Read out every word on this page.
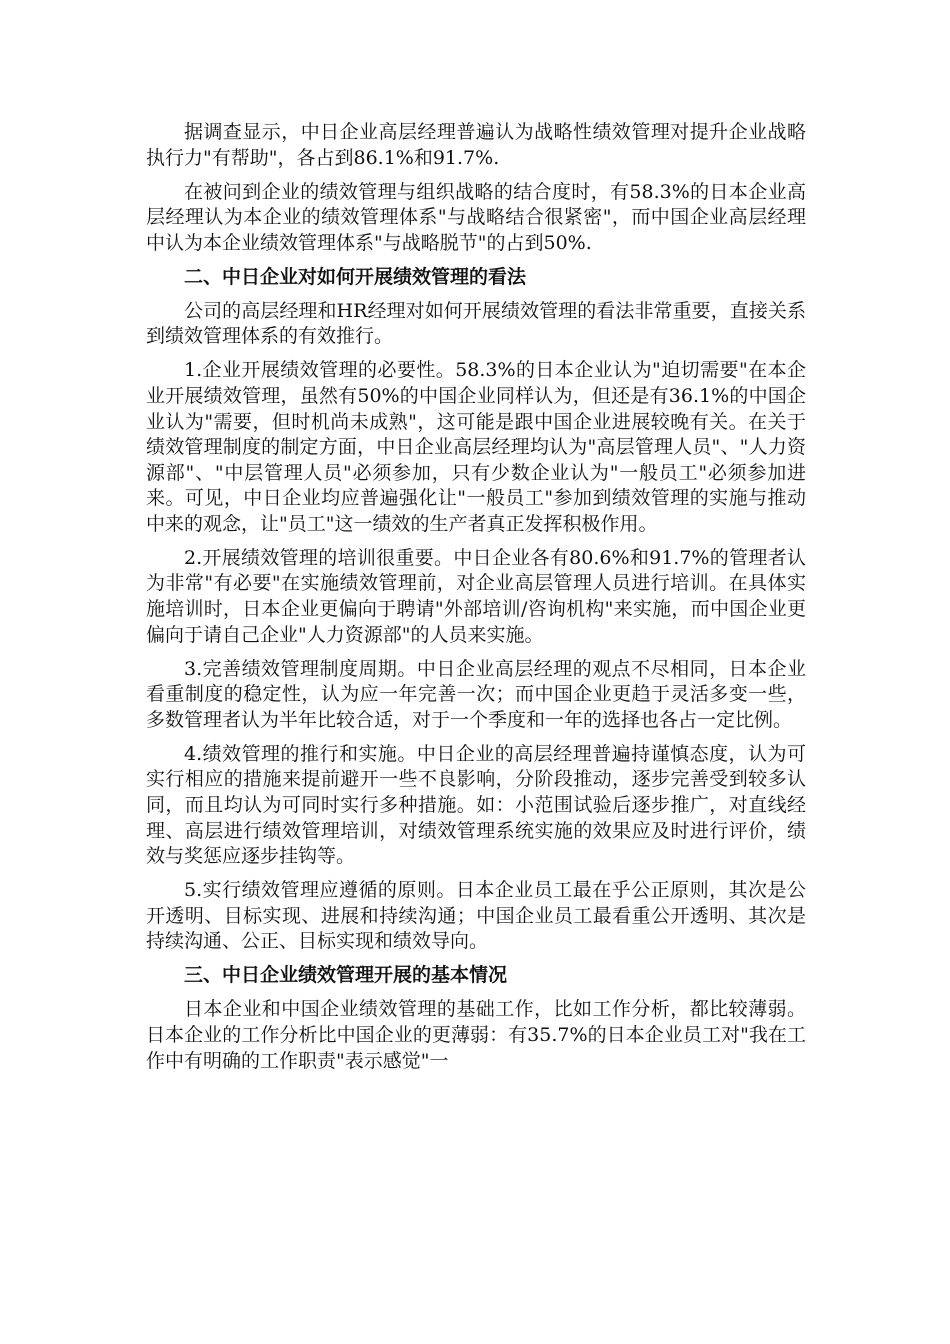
据调查显示，中日企业高层经理普遍认为战略性绩效管理对提升企业战略执行力"有帮助"，各占到86.1%和91.7%.

在被问到企业的绩效管理与组织战略的结合度时，有58.3%的日本企业高层经理认为本企业的绩效管理体系"与战略结合很紧密"，而中国企业高层经理中认为本企业绩效管理体系"与战略脱节"的占到50%.

二、中日企业对如何开展绩效管理的看法

公司的高层经理和HR经理对如何开展绩效管理的看法非常重要，直接关系到绩效管理体系的有效推行。

1.企业开展绩效管理的必要性。58.3%的日本企业认为"迫切需要"在本企业开展绩效管理，虽然有50%的中国企业同样认为，但还是有36.1%的中国企业认为"需要，但时机尚未成熟"，这可能是跟中国企业进展较晚有关。在关于绩效管理制度的制定方面，中日企业高层经理均认为"高层管理人员"、"人力资源部"、"中层管理人员"必须参加，只有少数企业认为"一般员工"必须参加进来。可见，中日企业均应普遍强化让"一般员工"参加到绩效管理的实施与推动中来的观念，让"员工"这一绩效的生产者真正发挥积极作用。

2.开展绩效管理的培训很重要。中日企业各有80.6%和91.7%的管理者认为非常"有必要"在实施绩效管理前，对企业高层管理人员进行培训。在具体实施培训时，日本企业更偏向于聘请"外部培训/咨询机构"来实施，而中国企业更偏向于请自己企业"人力资源部"的人员来实施。

3.完善绩效管理制度周期。中日企业高层经理的观点不尽相同，日本企业看重制度的稳定性，认为应一年完善一次；而中国企业更趋于灵活多变一些，多数管理者认为半年比较合适，对于一个季度和一年的选择也各占一定比例。

4.绩效管理的推行和实施。中日企业的高层经理普遍持谨慎态度，认为可实行相应的措施来提前避开一些不良影响，分阶段推动，逐步完善受到较多认同，而且均认为可同时实行多种措施。如：小范围试验后逐步推广，对直线经理、高层进行绩效管理培训，对绩效管理系统实施的效果应及时进行评价，绩效与奖惩应逐步挂钩等。

5.实行绩效管理应遵循的原则。日本企业员工最在乎公正原则，其次是公开透明、目标实现、进展和持续沟通；中国企业员工最看重公开透明、其次是持续沟通、公正、目标实现和绩效导向。

三、中日企业绩效管理开展的基本情况

日本企业和中国企业绩效管理的基础工作，比如工作分析，都比较薄弱。日本企业的工作分析比中国企业的更薄弱：有35.7%的日本企业员工对"我在工作中有明确的工作职责"表示感觉"一
